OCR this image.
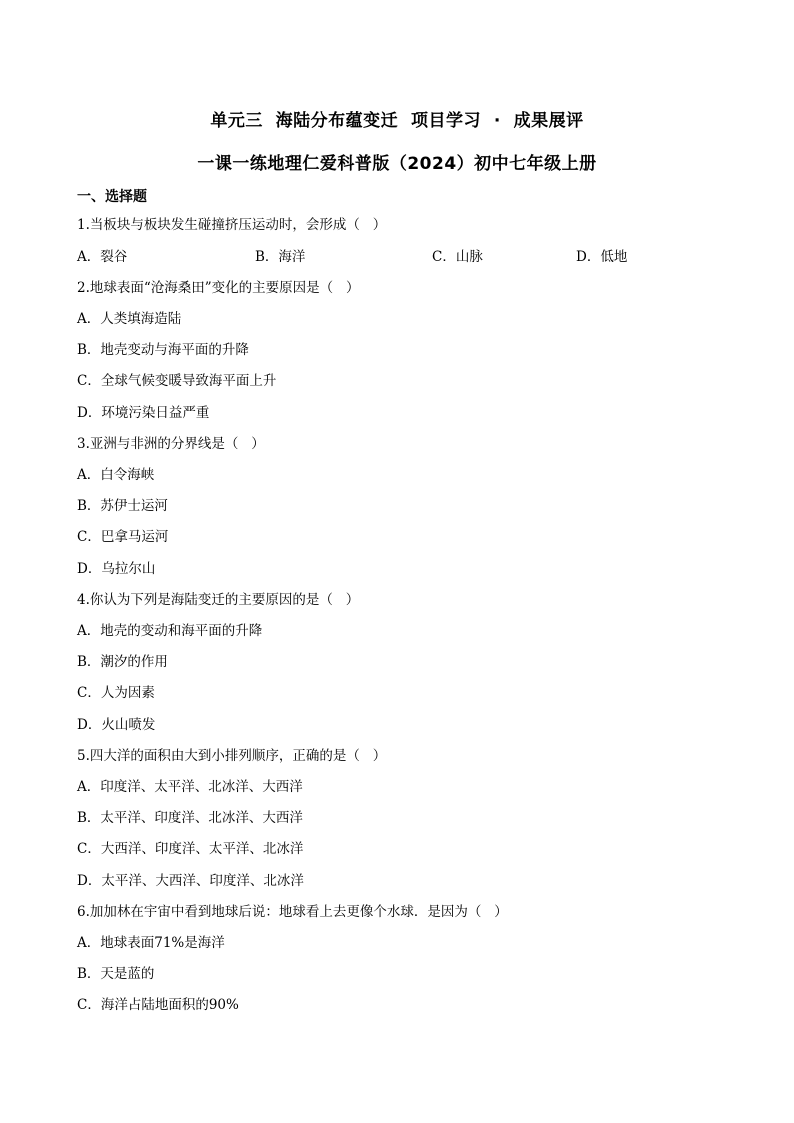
单元三  海陆分布蕴变迁  项目学习  ·  成果展评
一课一练地理仁爱科普版（2024）初中七年级上册
一、选择题
1.当板块与板块发生碰撞挤压运动时，会形成（   ）
A．裂谷	B．海洋	C．山脉	D．低地
2.地球表面“沧海桑田”变化的主要原因是（   ）
A．人类填海造陆
B．地壳变动与海平面的升降
C．全球气候变暖导致海平面上升
D．环境污染日益严重
3.亚洲与非洲的分界线是（   ）
A．白令海峡
B．苏伊士运河
C．巴拿马运河
D．乌拉尔山
4.你认为下列是海陆变迁的主要原因的是（   ）
A．地壳的变动和海平面的升降
B．潮汐的作用
C．人为因素
D．火山喷发
5.四大洋的面积由大到小排列顺序，正确的是（   ）
A．印度洋、太平洋、北冰洋、大西洋
B．太平洋、印度洋、北冰洋、大西洋
C．大西洋、印度洋、太平洋、北冰洋
D．太平洋、大西洋、印度洋、北冰洋
6.加加林在宇宙中看到地球后说：地球看上去更像个水球．是因为（   ）
A．地球表面71%是海洋
B．天是蓝的
C．海洋占陆地面积的90%
